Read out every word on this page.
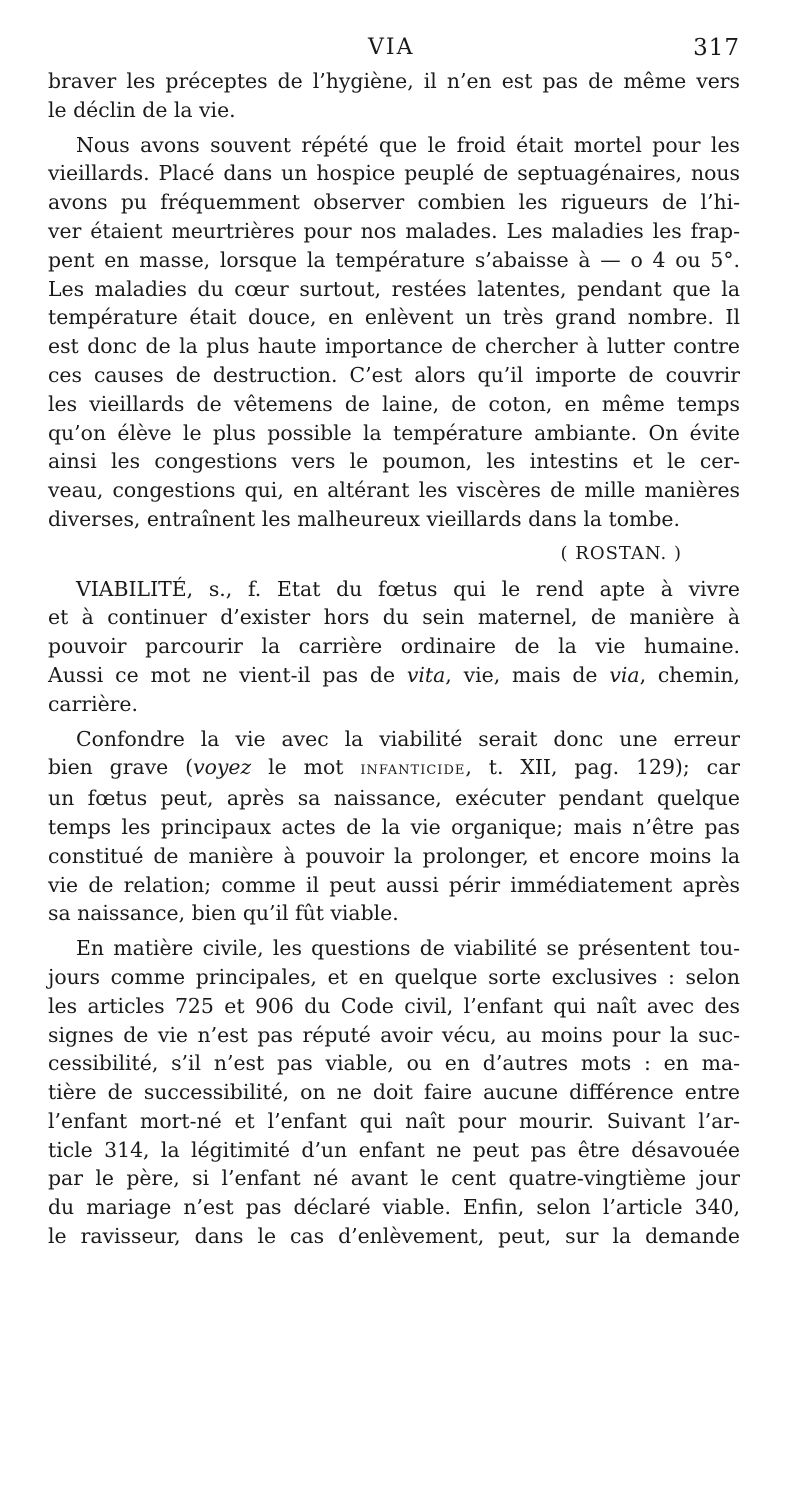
VIA	317
braver les préceptes de l’hygiène, il n’en est pas de même vers
le déclin de la vie.
Nous avons souvent répété que le froid était mortel pour les
vieillards. Placé dans un hospice peuplé de septuagénaires, nous
avons pu fréquemment observer combien les rigueurs de l’hi-
ver étaient meurtrières pour nos malades. Les maladies les frap-
pent en masse, lorsque la température s’abaisse à — o 4 ou 5°.
Les maladies du cœur surtout, restées latentes, pendant que la
température était douce, en enlèvent un très grand nombre. Il
est donc de la plus haute importance de chercher à lutter contre
ces causes de destruction. C’est alors qu’il importe de couvrir
les vieillards de vêtemens de laine, de coton, en même temps
qu’on élève le plus possible la température ambiante. On évite
ainsi les congestions vers le poumon, les intestins et le cer-
veau, congestions qui, en altérant les viscères de mille manières
diverses, entraînent les malheureux vieillards dans la tombe.
( ROSTAN. )
VIABILITÉ, s., f. Etat du fœtus qui le rend apte à vivre
et à continuer d’exister hors du sein maternel, de manière à
pouvoir parcourir la carrière ordinaire de la vie humaine.
Aussi ce mot ne vient-il pas de vita, vie, mais de via, chemin,
carrière.
Confondre la vie avec la viabilité serait donc une erreur
bien grave (voyez le mot infanticide, t. XII, pag. 129); car
un fœtus peut, après sa naissance, exécuter pendant quelque
temps les principaux actes de la vie organique; mais n’être pas
constitué de manière à pouvoir la prolonger, et encore moins la
vie de relation; comme il peut aussi périr immédiatement après
sa naissance, bien qu’il fût viable.
En matière civile, les questions de viabilité se présentent tou-
jours comme principales, et en quelque sorte exclusives : selon
les articles 725 et 906 du Code civil, l’enfant qui naît avec des
signes de vie n’est pas réputé avoir vécu, au moins pour la suc-
cessibilité, s’il n’est pas viable, ou en d’autres mots : en ma-
tière de successibilité, on ne doit faire aucune différence entre
l’enfant mort-né et l’enfant qui naît pour mourir. Suivant l’ar-
ticle 314, la légitimité d’un enfant ne peut pas être désavouée
par le père, si l’enfant né avant le cent quatre-vingtième jour
du mariage n’est pas déclaré viable. Enfin, selon l’article 340,
le ravisseur, dans le cas d’enlèvement, peut, sur la demande
